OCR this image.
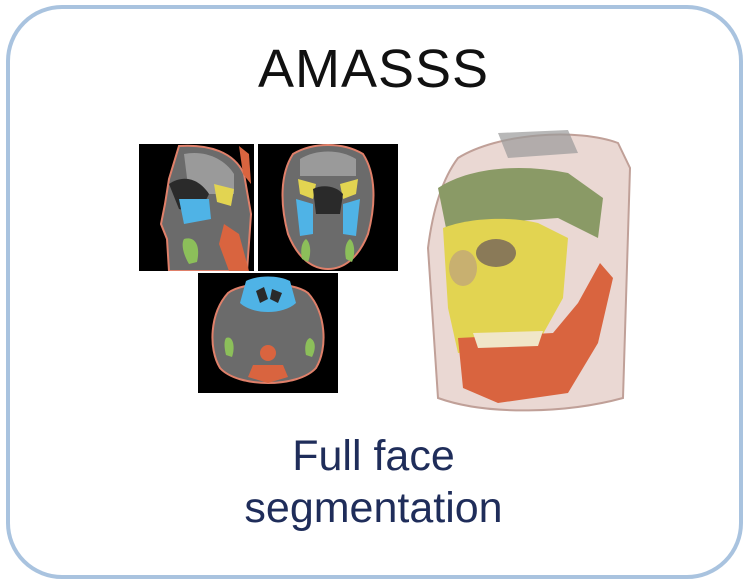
AMASSS
Full face
segmentation
